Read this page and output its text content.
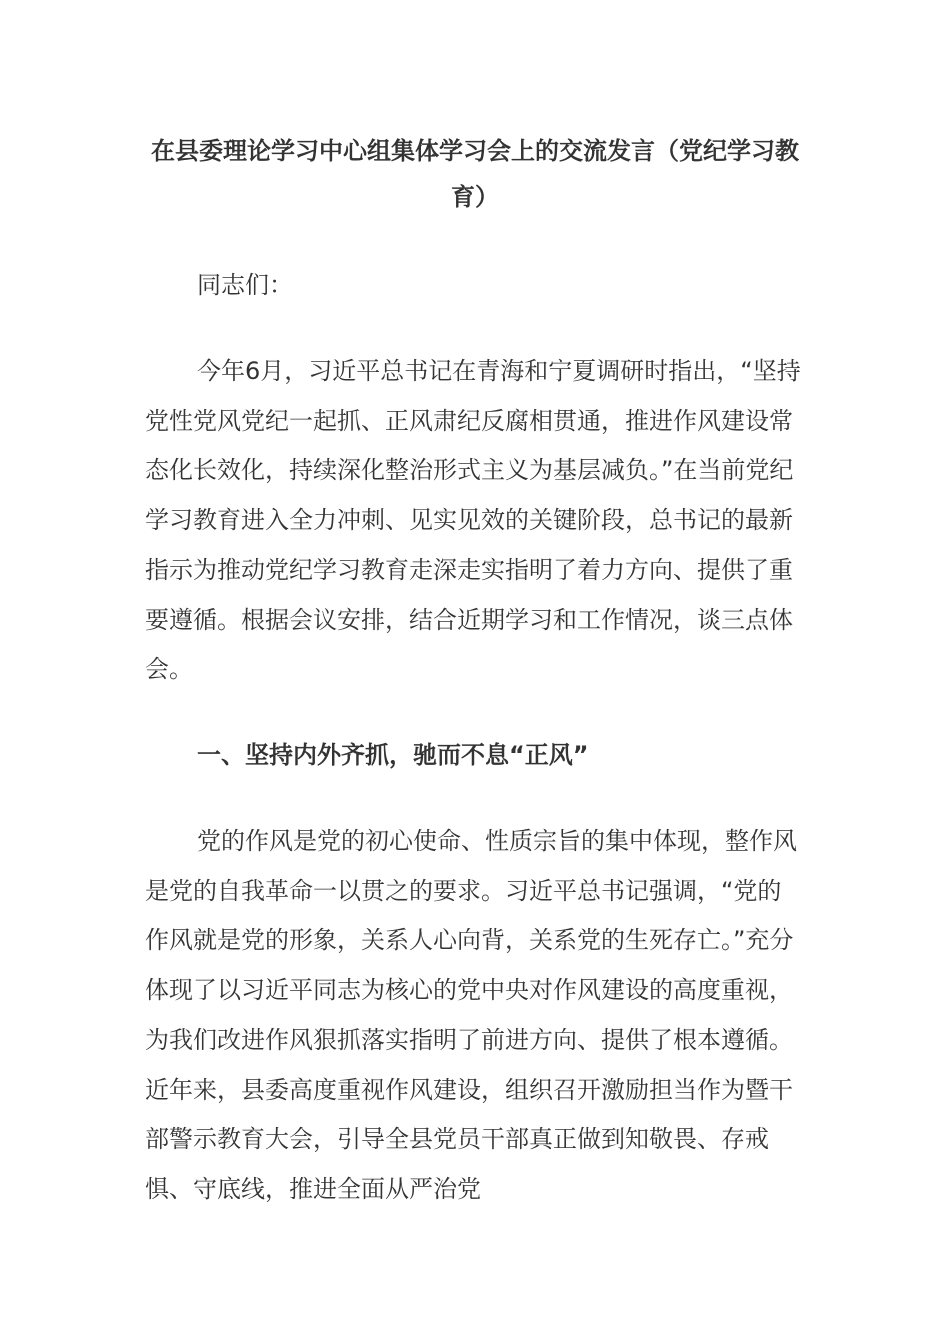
在县委理论学习中心组集体学习会上的交流发言（党纪学习教育）

同志们：

今年6月，习近平总书记在青海和宁夏调研时指出，“坚持党性党风党纪一起抓、正风肃纪反腐相贯通，推进作风建设常态化长效化，持续深化整治形式主义为基层减负。”在当前党纪学习教育进入全力冲刺、见实见效的关键阶段，总书记的最新指示为推动党纪学习教育走深走实指明了着力方向、提供了重要遵循。根据会议安排，结合近期学习和工作情况，谈三点体会。

一、坚持内外齐抓，驰而不息“正风”

党的作风是党的初心使命、性质宗旨的集中体现，整作风是党的自我革命一以贯之的要求。习近平总书记强调，“党的作风就是党的形象，关系人心向背，关系党的生死存亡。”充分体现了以习近平同志为核心的党中央对作风建设的高度重视，为我们改进作风狠抓落实指明了前进方向、提供了根本遵循。近年来，县委高度重视作风建设，组织召开激励担当作为暨干部警示教育大会，引导全县党员干部真正做到知敬畏、存戒惧、守底线，推进全面从严治党
